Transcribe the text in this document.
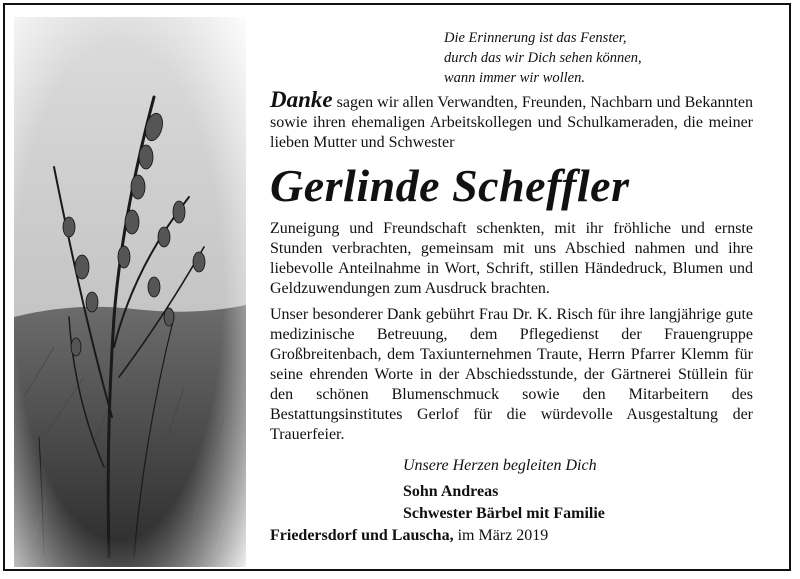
Die Erinnerung ist das Fenster,
durch das wir Dich sehen können,
wann immer wir wollen.

Danke sagen wir allen Verwandten, Freunden, Nachbarn und Bekannten sowie ihren ehemaligen Arbeitskollegen und Schulkameraden, die meiner lieben Mutter und Schwester

Gerlinde Scheffler

Zuneigung und Freundschaft schenkten, mit ihr fröhliche und ernste Stunden verbrachten, gemeinsam mit uns Abschied nahmen und ihre liebevolle Anteilnahme in Wort, Schrift, stillen Händedruck, Blumen und Geldzuwendungen zum Ausdruck brachten.

Unser besonderer Dank gebührt Frau Dr. K. Risch für ihre langjährige gute medizinische Betreuung, dem Pflegedienst der Frauengruppe Großbreitenbach, dem Taxiunternehmen Traute, Herrn Pfarrer Klemm für seine ehrenden Worte in der Abschiedsstunde, der Gärtnerei Stüllein für den schönen Blumenschmuck sowie den Mitarbeitern des Bestattungsinstitutes Gerlof für die würdevolle Ausgestaltung der Trauerfeier.

Unsere Herzen begleiten Dich
Sohn Andreas
Schwester Bärbel mit Familie
Friedersdorf und Lauscha, im März 2019
